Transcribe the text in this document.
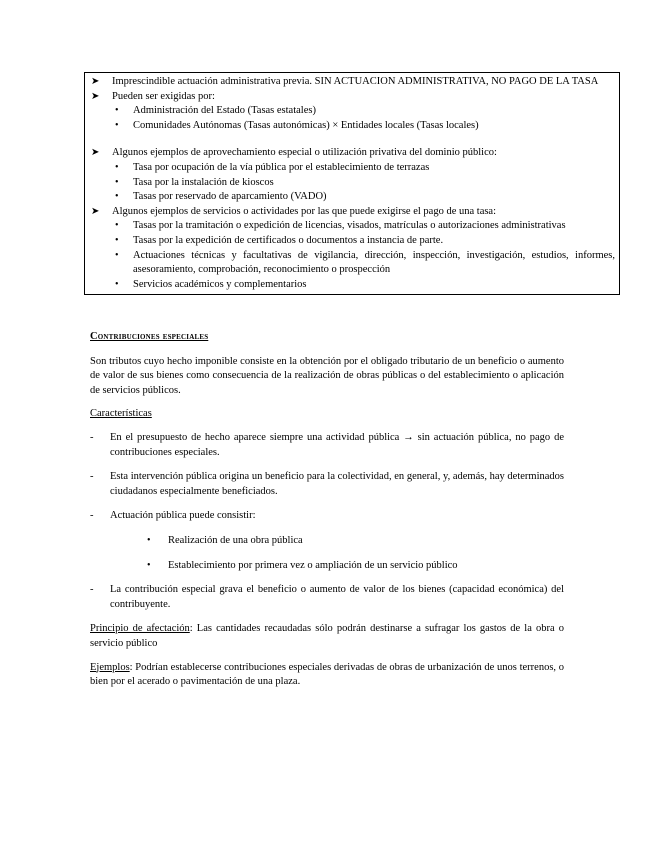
➤ Imprescindible actuación administrativa previa. SIN ACTUACION ADMINISTRATIVA, NO PAGO DE LA TASA
➤ Pueden ser exigidas por:
• Administración del Estado (Tasas estatales)
• Comunidades Autónomas (Tasas autonómicas) × Entidades locales (Tasas locales)
➤ Algunos ejemplos de aprovechamiento especial o utilización privativa del dominio público:
• Tasa por ocupación de la vía pública por el establecimiento de terrazas
• Tasa por la instalación de kioscos
• Tasas por reservado de aparcamiento (VADO)
➤ Algunos ejemplos de servicios o actividades por las que puede exigirse el pago de una tasa:
• Tasas por la tramitación o expedición de licencias, visados, matrículas o autorizaciones administrativas
• Tasas por la expedición de certificados o documentos a instancia de parte.
• Actuaciones técnicas y facultativas de vigilancia, dirección, inspección, investigación, estudios, informes, asesoramiento, comprobación, reconocimiento o prospección
• Servicios académicos y complementarios
Contribuciones especiales
Son tributos cuyo hecho imponible consiste en la obtención por el obligado tributario de un beneficio o aumento de valor de sus bienes como consecuencia de la realización de obras públicas o del establecimiento o aplicación de servicios públicos.
Características
- En el presupuesto de hecho aparece siempre una actividad pública → sin actuación pública, no pago de contribuciones especiales.
- Esta intervención pública origina un beneficio para la colectividad, en general, y, además, hay determinados ciudadanos especialmente beneficiados.
- Actuación pública puede consistir:
• Realización de una obra pública
• Establecimiento por primera vez o ampliación de un servicio público
- La contribución especial grava el beneficio o aumento de valor de los bienes (capacidad económica) del contribuyente.
Principio de afectación: Las cantidades recaudadas sólo podrán destinarse a sufragar los gastos de la obra o servicio público
Ejemplos: Podrían establecerse contribuciones especiales derivadas de obras de urbanización de unos terrenos, o bien por el acerado o pavimentación de una plaza.
